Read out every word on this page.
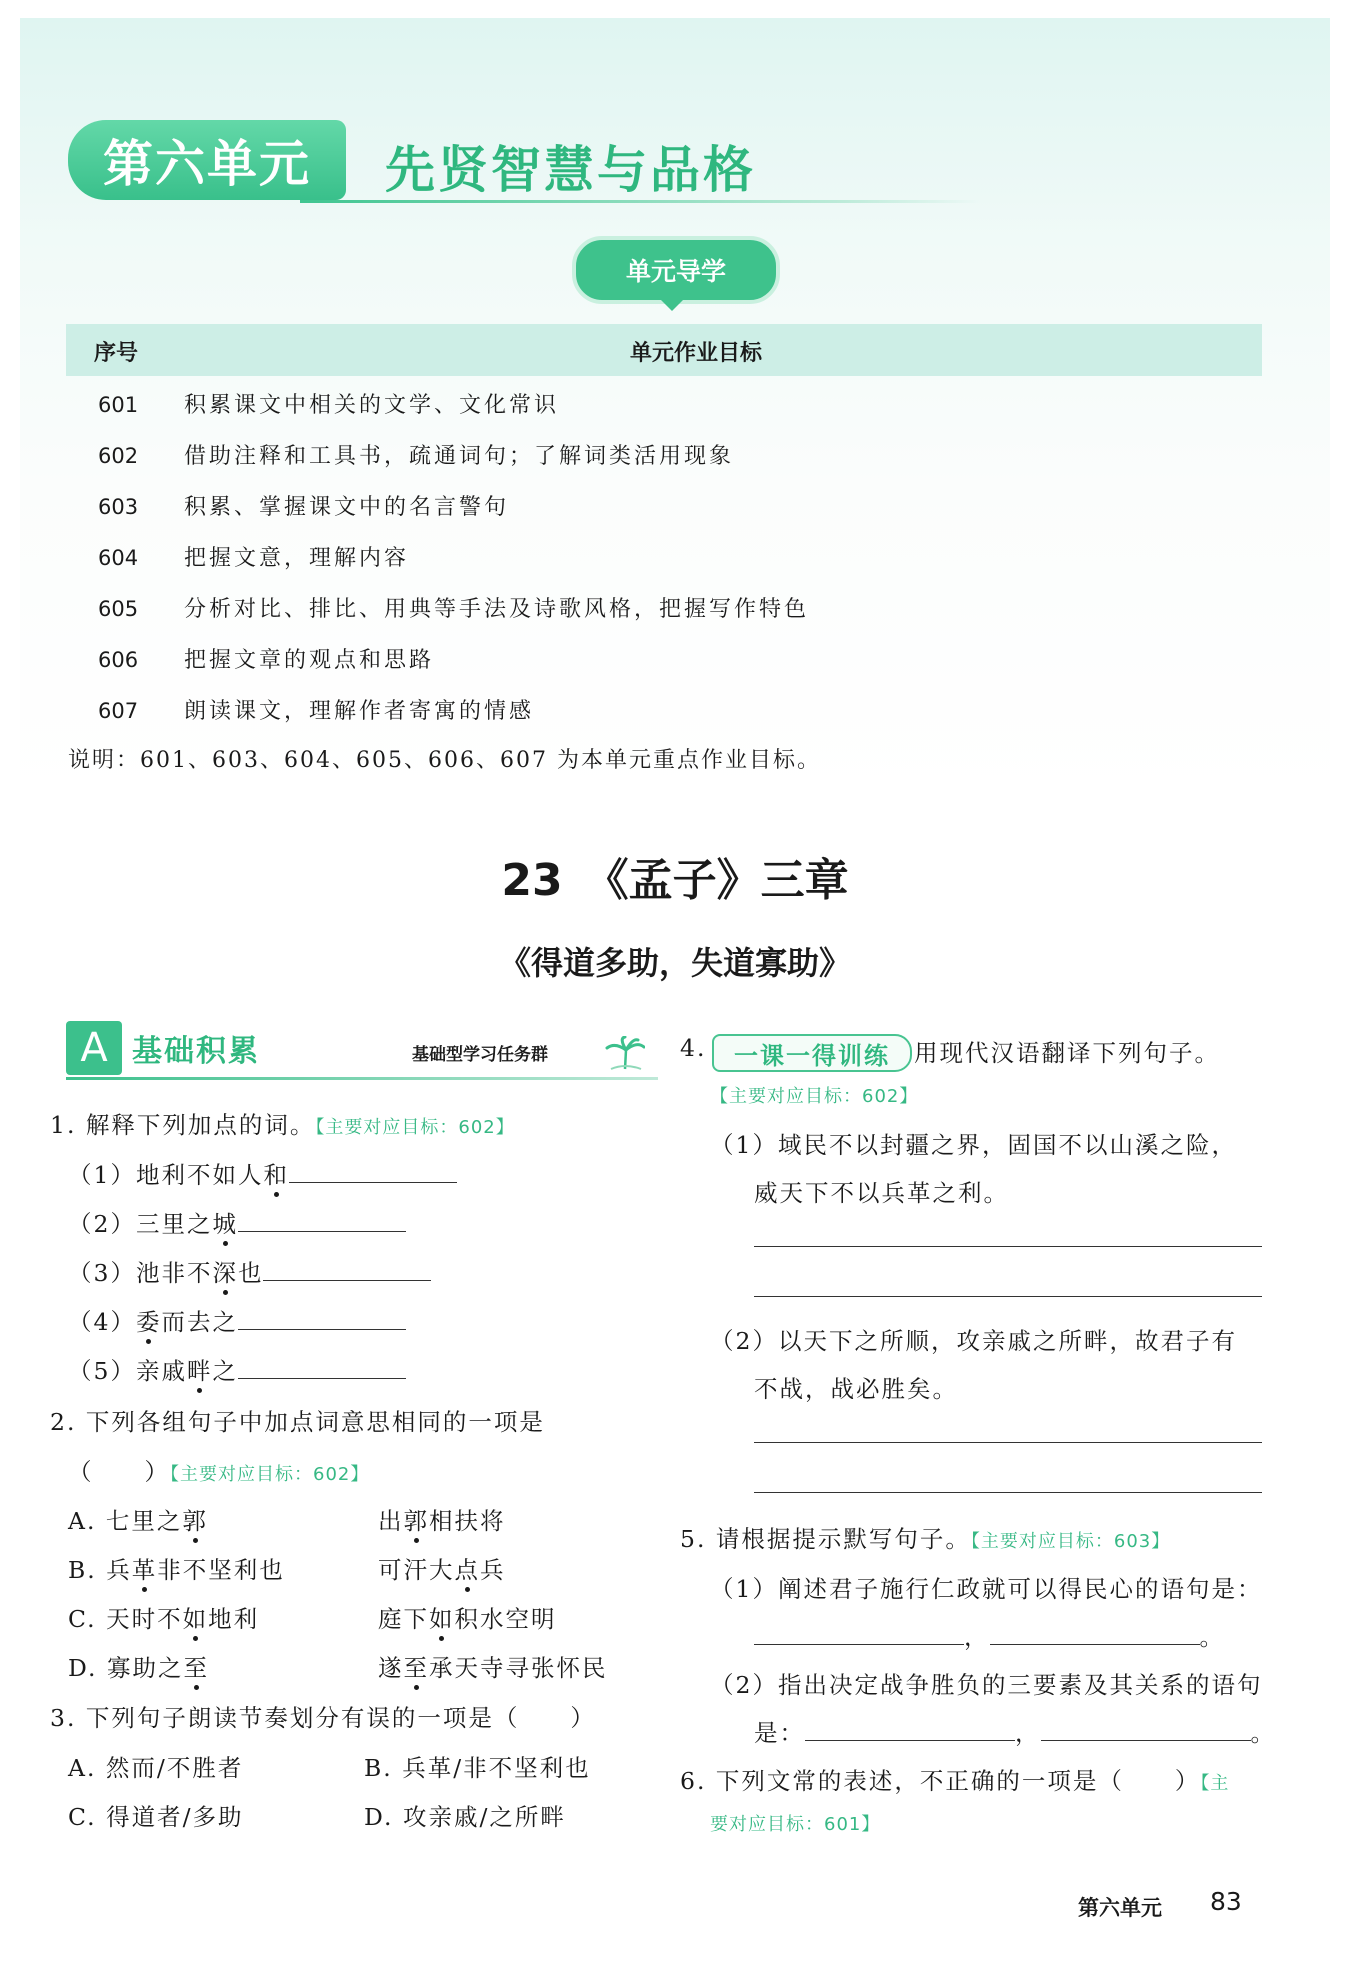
第六单元	先贤智慧与品格
单元导学
序号	单元作业目标
601 积累课文中相关的文学、文化常识
602 借助注释和工具书，疏通词句；了解词类活用现象
603 积累、掌握课文中的名言警句
604 把握文意，理解内容
605 分析对比、排比、用典等手法及诗歌风格，把握写作特色
606 把握文章的观点和思路
607 朗读课文，理解作者寄寓的情感
说明：601、603、604、605、606、607 为本单元重点作业目标。
23　《孟子》三章
《得道多助，失道寡助》
A 基础积累	基础型学习任务群
1. 解释下列加点的词。【主要对应目标：602】
（1）地利不如人和
（2）三里之城
（3）池非不深也
（4）委而去之
（5）亲戚畔之
2. 下列各组句子中加点词意思相同的一项是
（　　）【主要对应目标：602】
A. 七里之郭	出郭相扶将
B. 兵革非不坚利也	可汗大点兵
C. 天时不如地利	庭下如积水空明
D. 寡助之至	遂至承天寺寻张怀民
3. 下列句子朗读节奏划分有误的一项是（　　）
A. 然而/不胜者	B. 兵革/非不坚利也
C. 得道者/多助	D. 攻亲戚/之所畔
4.	一课一得训练	用现代汉语翻译下列句子。
【主要对应目标：602】
（1）域民不以封疆之界，固国不以山溪之险，
威天下不以兵革之利。
（2）以天下之所顺，攻亲戚之所畔，故君子有
不战，战必胜矣。
5. 请根据提示默写句子。【主要对应目标：603】
（1）阐述君子施行仁政就可以得民心的语句是：
，	。
（2）指出决定战争胜负的三要素及其关系的语句
是：	，	。
6. 下列文常的表述，不正确的一项是（　　）【主
要对应目标：601】
第六单元 83
